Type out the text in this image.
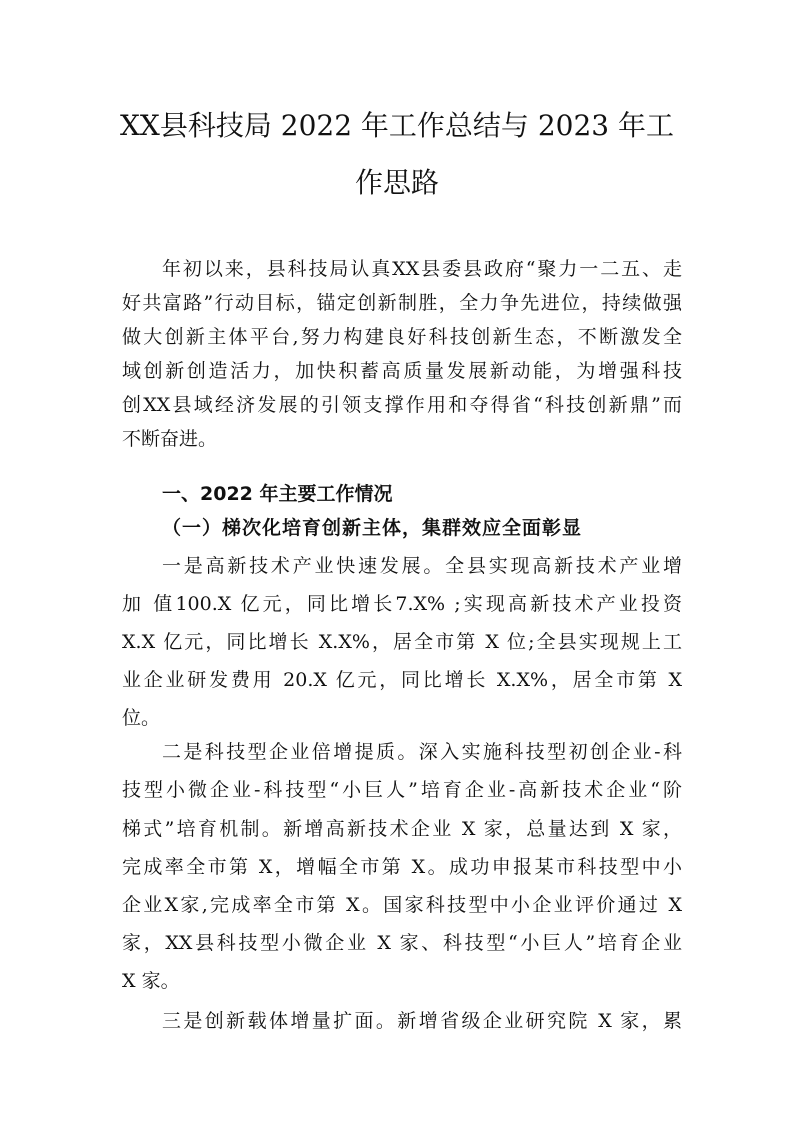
XX县科技局 2022 年工作总结与 2023 年工
作思路
年初以来，县科技局认真XX县委县政府“聚力一二五、走
好共富路”行动目标，锚定创新制胜，全力争先进位，持续做强
做大创新主体平台,努力构建良好科技创新生态，不断激发全
域创新创造活力，加快积蓄高质量发展新动能，为增强科技
创XX县域经济发展的引领支撑作用和夺得省“科技创新鼎”而
不断奋进。
一、2022 年主要工作情况
（一）梯次化培育创新主体，集群效应全面彰显
一是高新技术产业快速发展。全县实现高新技术产业增
加 值100.X 亿元，同比增长7.X% ;实现高新技术产业投资
X.X 亿元，同比增长 X.X%，居全市第 X 位;全县实现规上工
业企业研发费用 20.X 亿元，同比增长 X.X%，居全市第 X
位。
二是科技型企业倍增提质。深入实施科技型初创企业-科
技型小微企业-科技型“小巨人”培育企业-高新技术企业“阶
梯式”培育机制。新增高新技术企业 X 家，总量达到 X 家，
完成率全市第 X，增幅全市第 X。成功申报某市科技型中小
企业X家,完成率全市第 X。国家科技型中小企业评价通过 X
家，XX县科技型小微企业 X 家、科技型“小巨人”培育企业
X 家。
三是创新载体增量扩面。新增省级企业研究院 X 家，累
